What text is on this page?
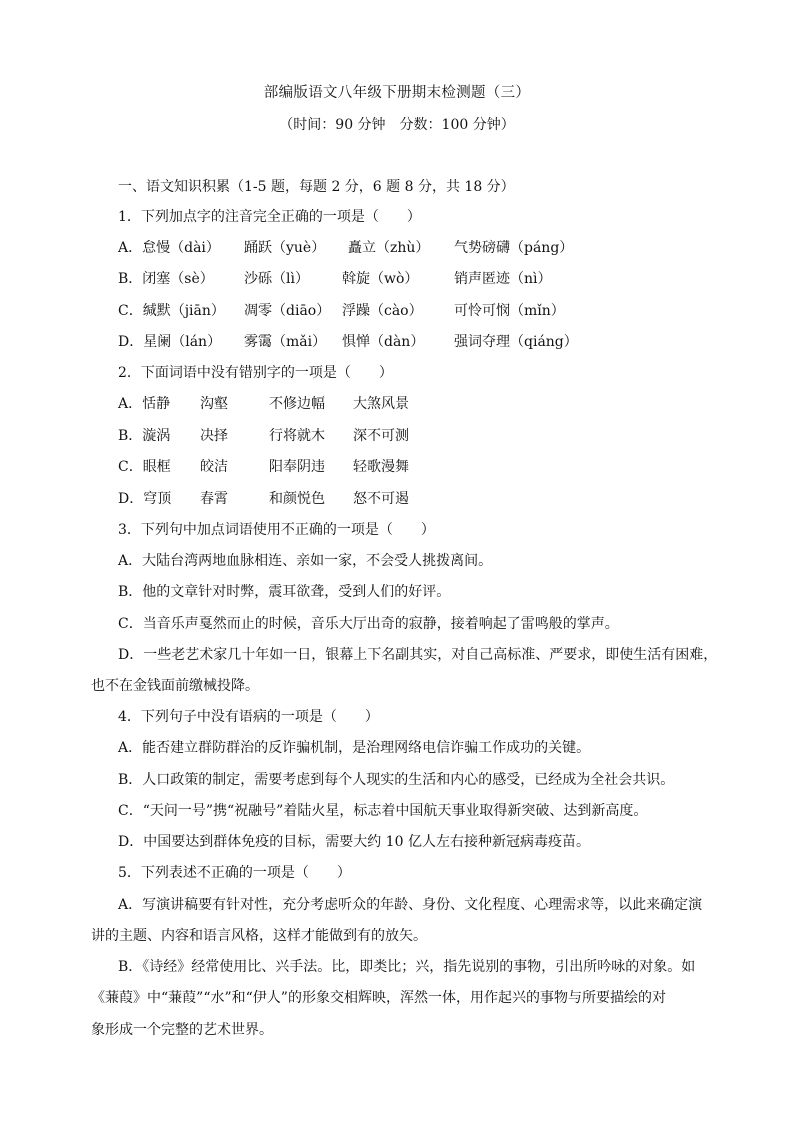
部编版语文八年级下册期末检测题（三）
（时间：90 分钟　分数：100 分钟）
一、语文知识积累（1-5 题，每题 2 分，6 题 8 分，共 18 分）
1．下列加点字的注音完全正确的一项是（　　）
A．怠慢（dài） 踊跃（yuè） 矗立（zhù） 气势磅礴（páng）
B．闭塞（sè） 沙砾（lì） 斡旋（wò）	销声匿迹（nì）
C．缄默（jiān） 凋零（diāo） 浮躁（cào） 可怜可悯（mǐn）
D．星阑（lán） 雾霭（mǎi） 惧惮（dàn） 强词夺理（qiáng）
2．下面词语中没有错别字的一项是（　　）
A．恬静 沟壑	不修边幅 大煞风景
B．漩涡 决择	行将就木 深不可测
C．眼框 皎洁	阳奉阴违 轻歌漫舞
D．穹顶 春霄	和颜悦色 怒不可遏
3．下列句中加点词语使用不正确的一项是（　　）
A．大陆台湾两地血脉相连、亲如一家，不会受人挑拨离间。
B．他的文章针对时弊，震耳欲聋，受到人们的好评。
C．当音乐声戛然而止的时候，音乐大厅出奇的寂静，接着响起了雷鸣般的掌声。
D．一些老艺术家几十年如一日，银幕上下名副其实，对自己高标准、严要求，即使生活有困难，
也不在金钱面前缴械投降。
4．下列句子中没有语病的一项是（　　）
A．能否建立群防群治的反诈骗机制，是治理网络电信诈骗工作成功的关键。
B．人口政策的制定，需要考虑到每个人现实的生活和内心的感受，已经成为全社会共识。
C．“天问一号”携“祝融号”着陆火星，标志着中国航天事业取得新突破、达到新高度。
D．中国要达到群体免疫的目标，需要大约 10 亿人左右接种新冠病毒疫苗。
5．下列表述不正确的一项是（　　）
A．写演讲稿要有针对性，充分考虑听众的年龄、身份、文化程度、心理需求等，以此来确定演
讲的主题、内容和语言风格，这样才能做到有的放矢。
B．《诗经》经常使用比、兴手法。比，即类比；兴，指先说别的事物，引出所吟咏的对象。如
《蒹葭》中“蒹葭”“水”和“伊人”的形象交相辉映，浑然一体，用作起兴的事物与所要描绘的对
象形成一个完整的艺术世界。
